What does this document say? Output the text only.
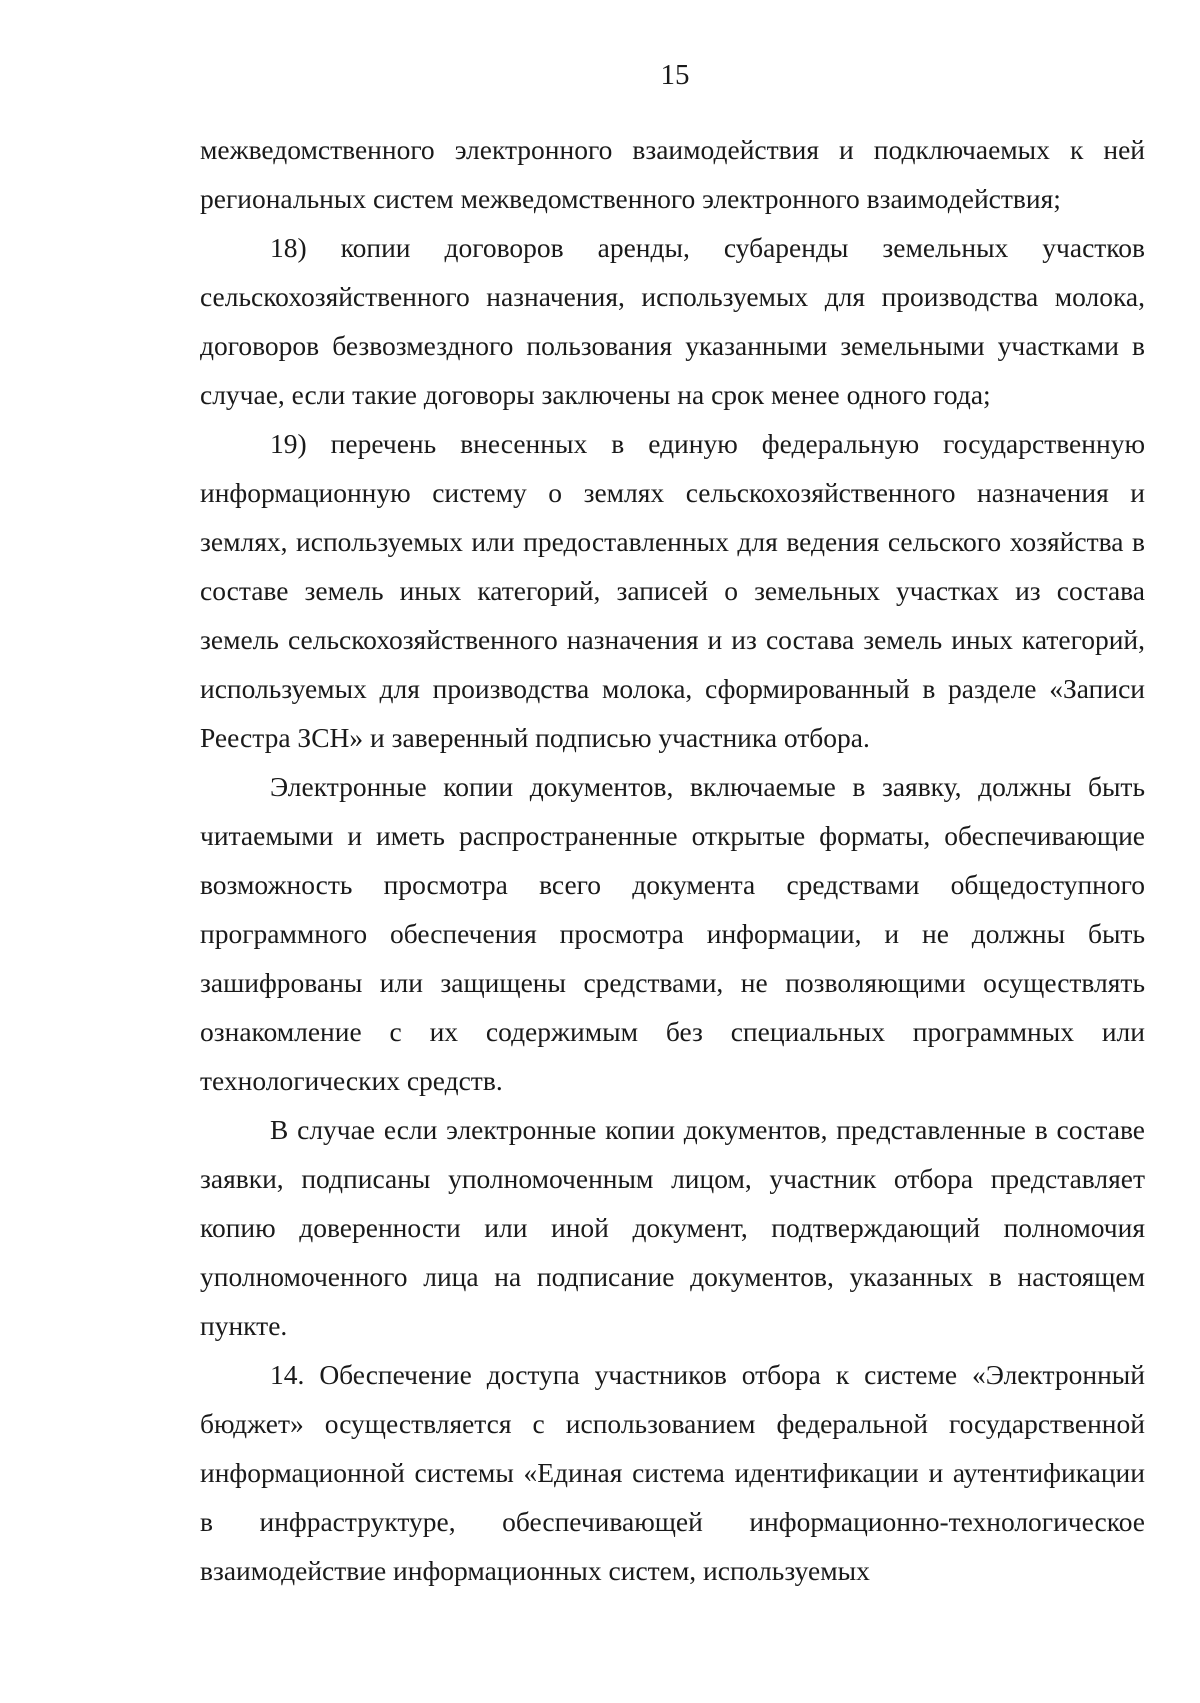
15

межведомственного электронного взаимодействия и подключаемых к ней региональных систем межведомственного электронного взаимодействия;

18) копии договоров аренды, субаренды земельных участков сельскохозяйственного назначения, используемых для производства молока, договоров безвозмездного пользования указанными земельными участками в случае, если такие договоры заключены на срок менее одного года;

19) перечень внесенных в единую федеральную государственную информационную систему о землях сельскохозяйственного назначения и землях, используемых или предоставленных для ведения сельского хозяйства в составе земель иных категорий, записей о земельных участках из состава земель сельскохозяйственного назначения и из состава земель иных категорий, используемых для производства молока, сформированный в разделе «Записи Реестра ЗСН» и заверенный подписью участника отбора.

Электронные копии документов, включаемые в заявку, должны быть читаемыми и иметь распространенные открытые форматы, обеспечивающие возможность просмотра всего документа средствами общедоступного программного обеспечения просмотра информации, и не должны быть зашифрованы или защищены средствами, не позволяющими осуществлять ознакомление с их содержимым без специальных программных или технологических средств.

В случае если электронные копии документов, представленные в составе заявки, подписаны уполномоченным лицом, участник отбора представляет копию доверенности или иной документ, подтверждающий полномочия уполномоченного лица на подписание документов, указанных в настоящем пункте.

14. Обеспечение доступа участников отбора к системе «Электронный бюджет» осуществляется с использованием федеральной государственной информационной системы «Единая система идентификации и аутентификации в инфраструктуре, обеспечивающей информационно-технологическое взаимодействие информационных систем, используемых
